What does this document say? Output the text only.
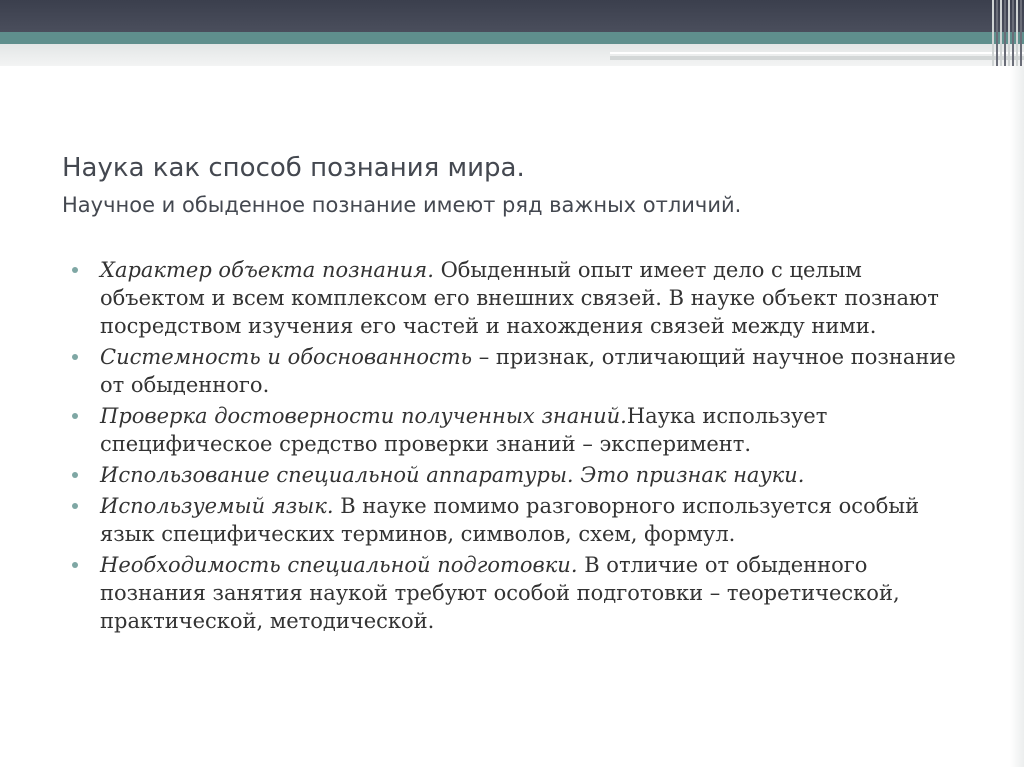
Наука как способ познания мира.
Научное и обыденное познание имеют ряд важных отличий.
Характер объекта познания. Обыденный опыт имеет дело с целым объектом и всем комплексом его внешних связей. В науке объект познают посредством изучения его частей и нахождения связей между ними.
Системность и обоснованность – признак, отличающий научное познание от обыденного.
Проверка достоверности полученных знаний.Наука использует специфическое средство проверки знаний – эксперимент.
Использование специальной аппаратуры. Это признак науки.
Используемый язык. В науке помимо разговорного используется особый язык специфических терминов, символов, схем, формул.
Необходимость специальной подготовки. В отличие от обыденного познания занятия наукой требуют особой подготовки – теоретической, практической, методической.
